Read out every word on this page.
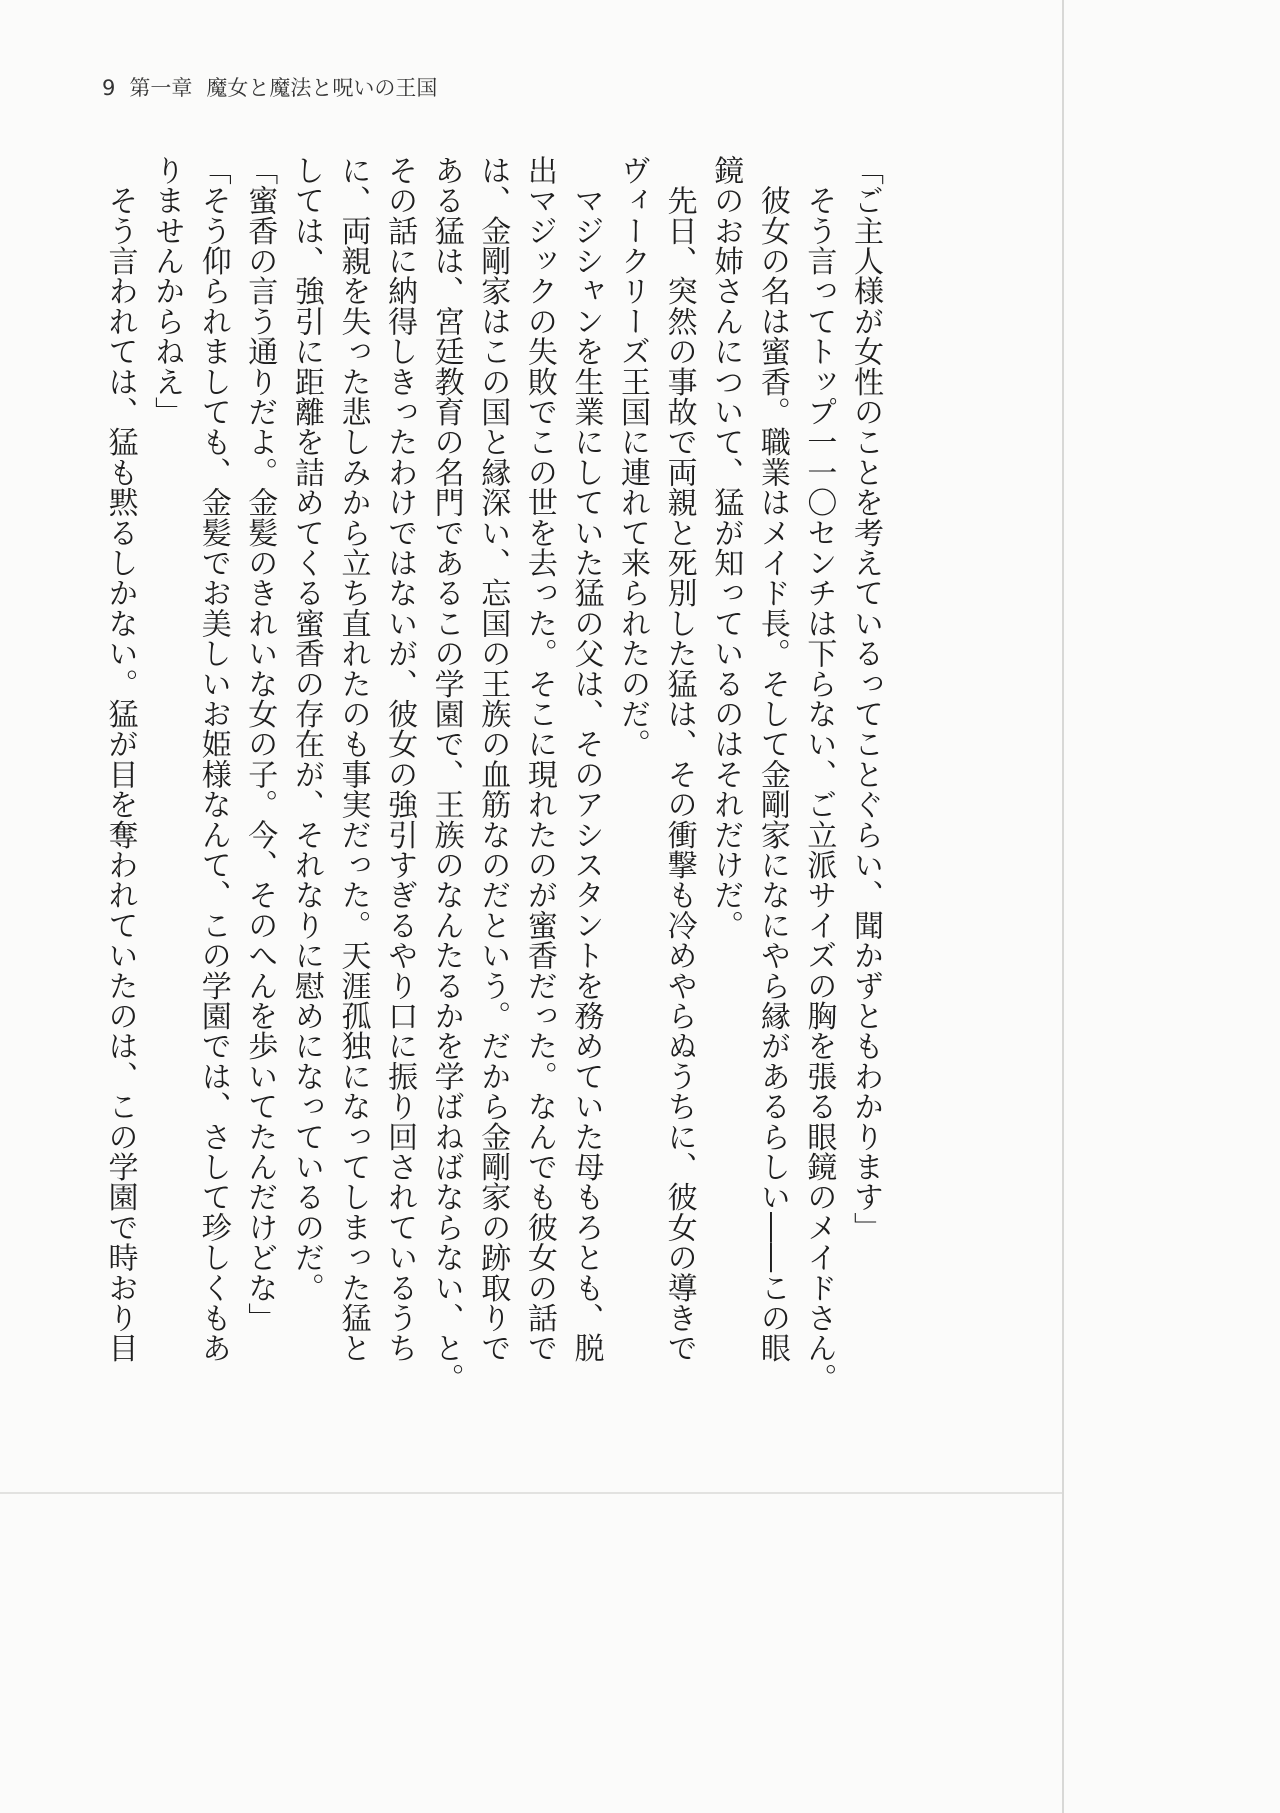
9 第一章 魔女と魔法と呪いの王国
「ご主人様が女性のことを考えているってことぐらい、聞かずともわかります」
　そう言ってトップ一一〇センチは下らない、ご立派サイズの胸を張る眼鏡のメイドさん。
　彼女の名は蜜香。職業はメイド長。そして金剛家になにやら縁があるらしい――この眼
鏡のお姉さんについて、猛が知っているのはそれだけだ。
　先日、突然の事故で両親と死別した猛は、その衝撃も冷めやらぬうちに、彼女の導きで
ヴィークリーズ王国に連れて来られたのだ。
　マジシャンを生業にしていた猛の父は、そのアシスタントを務めていた母もろとも、脱
出マジックの失敗でこの世を去った。そこに現れたのが蜜香だった。なんでも彼女の話で
は、金剛家はこの国と縁深い、忘国の王族の血筋なのだという。だから金剛家の跡取りで
ある猛は、宮廷教育の名門であるこの学園で、王族のなんたるかを学ばねばならない、と。
その話に納得しきったわけではないが、彼女の強引すぎるやり口に振り回されているうち
に、両親を失った悲しみから立ち直れたのも事実だった。天涯孤独になってしまった猛と
しては、強引に距離を詰めてくる蜜香の存在が、それなりに慰めになっているのだ。
「蜜香の言う通りだよ。金髪のきれいな女の子。今、そのへんを歩いてたんだけどな」
「そう仰られましても、金髪でお美しいお姫様なんて、この学園では、さして珍しくもあ
りませんからねえ」
　そう言われては、猛も黙るしかない。猛が目を奪われていたのは、この学園で時おり目
